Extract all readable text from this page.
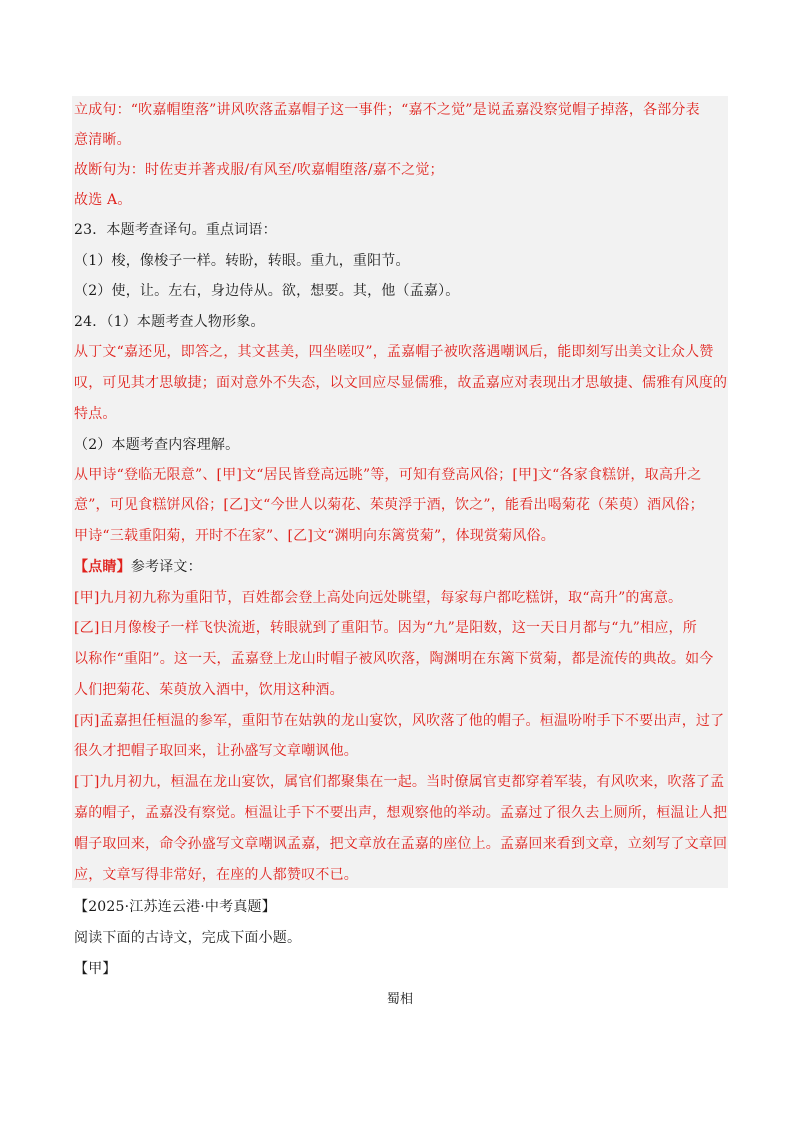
立成句：“吹嘉帽堕落”讲风吹落孟嘉帽子这一事件；“嘉不之觉”是说孟嘉没察觉帽子掉落，各部分表
意清晰。
故断句为：时佐吏并著戎服/有风至/吹嘉帽堕落/嘉不之觉；
故选 A。
23．本题考查译句。重点词语：
（1）梭，像梭子一样。转盼，转眼。重九，重阳节。
（2）使，让。左右，身边侍从。欲，想要。其，他（孟嘉）。
24．（1）本题考查人物形象。
从丁文“嘉还见，即答之，其文甚美，四坐嗟叹”，孟嘉帽子被吹落遇嘲讽后，能即刻写出美文让众人赞
叹，可见其才思敏捷；面对意外不失态，以文回应尽显儒雅，故孟嘉应对表现出才思敏捷、儒雅有风度的
特点。
（2）本题考查内容理解。
从甲诗“登临无限意”、[甲]文“居民皆登高远眺”等，可知有登高风俗；[甲]文“各家食糕饼，取高升之
意”，可见食糕饼风俗；[乙]文“今世人以菊花、茱萸浮于酒，饮之”，能看出喝菊花（茱萸）酒风俗；
甲诗“三载重阳菊，开时不在家”、[乙]文“渊明向东篱赏菊”，体现赏菊风俗。
【点睛】参考译文：
[甲]九月初九称为重阳节，百姓都会登上高处向远处眺望，每家每户都吃糕饼，取“高升”的寓意。
[乙]日月像梭子一样飞快流逝，转眼就到了重阳节。因为“九”是阳数，这一天日月都与“九”相应，所
以称作“重阳”。这一天，孟嘉登上龙山时帽子被风吹落，陶渊明在东篱下赏菊，都是流传的典故。如今
人们把菊花、茱萸放入酒中，饮用这种酒。
[丙]孟嘉担任桓温的参军，重阳节在姑孰的龙山宴饮，风吹落了他的帽子。桓温吩咐手下不要出声，过了
很久才把帽子取回来，让孙盛写文章嘲讽他。
[丁]九月初九，桓温在龙山宴饮，属官们都聚集在一起。当时僚属官吏都穿着军装，有风吹来，吹落了孟
嘉的帽子，孟嘉没有察觉。桓温让手下不要出声，想观察他的举动。孟嘉过了很久去上厕所，桓温让人把
帽子取回来，命令孙盛写文章嘲讽孟嘉，把文章放在孟嘉的座位上。孟嘉回来看到文章，立刻写了文章回
应，文章写得非常好，在座的人都赞叹不已。
【2025·江苏连云港·中考真题】
阅读下面的古诗文，完成下面小题。
【甲】
蜀相
